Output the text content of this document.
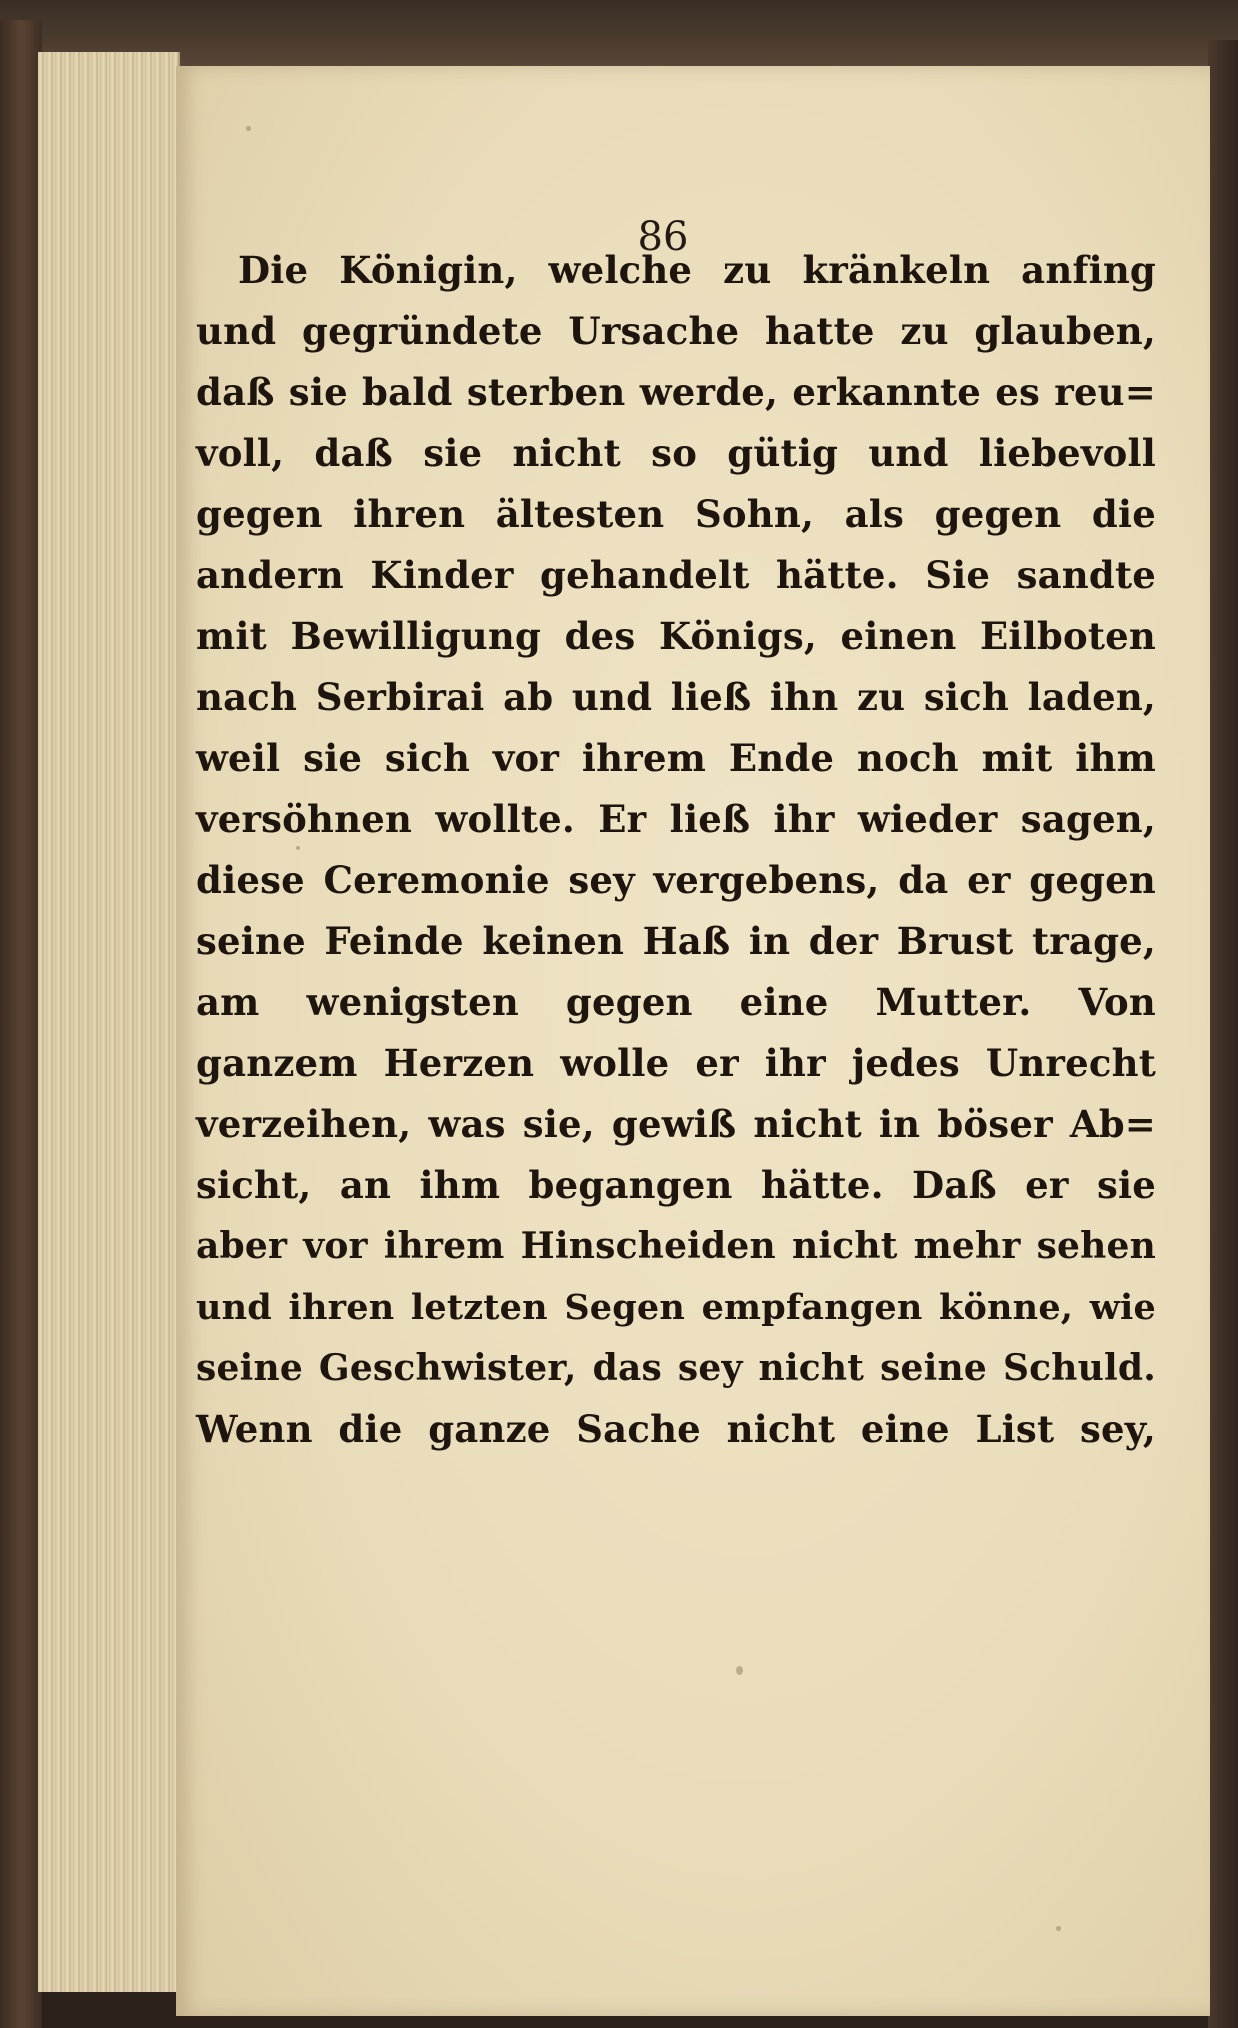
86

Die Königin, welche zu kränkeln anfing
und gegründete Ursache hatte zu glauben,
daß sie bald sterben werde, erkannte es reu=
voll, daß sie nicht so gütig und liebevoll
gegen ihren ältesten Sohn, als gegen die
andern Kinder gehandelt hätte. Sie sandte
mit Bewilligung des Königs, einen Eilboten
nach Serbirai ab und ließ ihn zu sich laden,
weil sie sich vor ihrem Ende noch mit ihm
versöhnen wollte. Er ließ ihr wieder sagen,
diese Ceremonie sey vergebens, da er gegen
seine Feinde keinen Haß in der Brust trage,
am wenigsten gegen eine Mutter. Von
ganzem Herzen wolle er ihr jedes Unrecht
verzeihen, was sie, gewiß nicht in böser Ab=
sicht, an ihm begangen hätte. Daß er sie
aber vor ihrem Hinscheiden nicht mehr sehen
und ihren letzten Segen empfangen könne, wie
seine Geschwister, das sey nicht seine Schuld.
Wenn die ganze Sache nicht eine List sey,
